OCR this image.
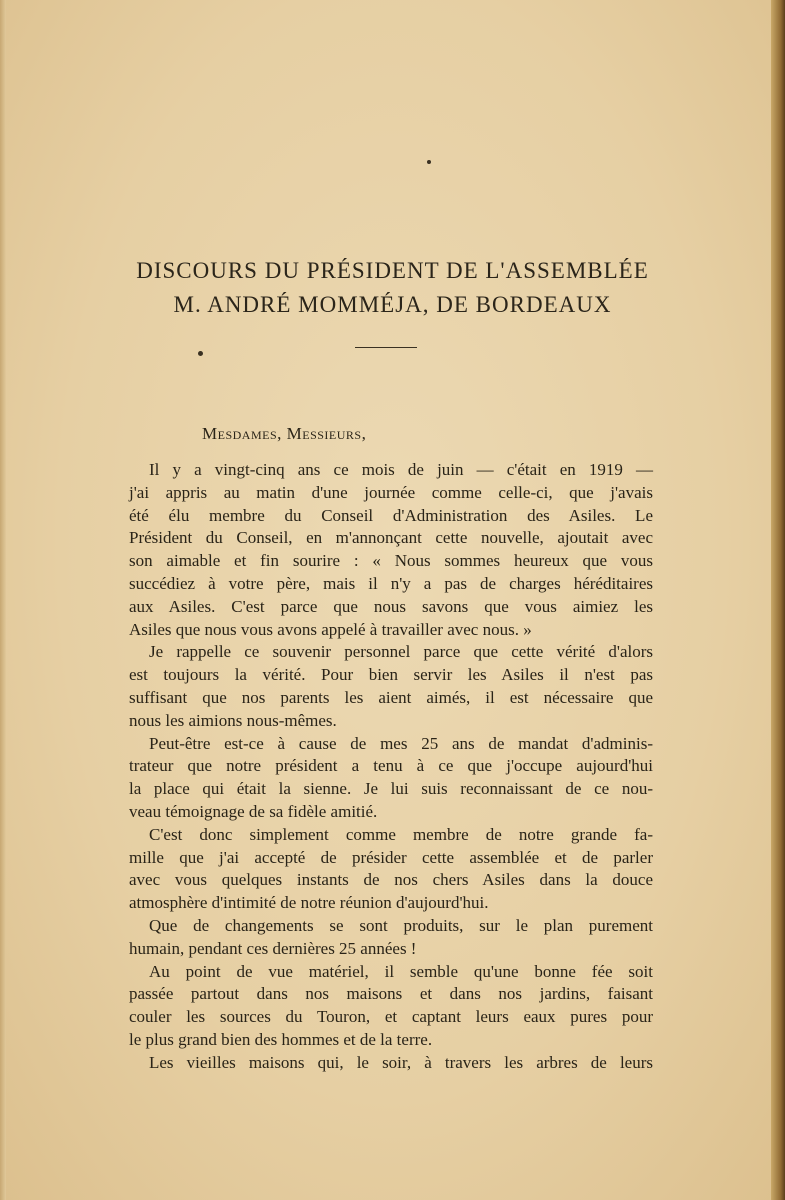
DISCOURS DU PRÉSIDENT DE L'ASSEMBLÉE
M. ANDRÉ MOMMÉJA, DE BORDEAUX
Mesdames, Messieurs,
Il y a vingt-cinq ans ce mois de juin — c'était en 1919 —
j'ai appris au matin d'une journée comme celle-ci, que j'avais
été élu membre du Conseil d'Administration des Asiles. Le
Président du Conseil, en m'annonçant cette nouvelle, ajoutait avec
son aimable et fin sourire : « Nous sommes heureux que vous
succédiez à votre père, mais il n'y a pas de charges héréditaires
aux Asiles. C'est parce que nous savons que vous aimiez les
Asiles que nous vous avons appelé à travailler avec nous. »
Je rappelle ce souvenir personnel parce que cette vérité d'alors
est toujours la vérité. Pour bien servir les Asiles il n'est pas
suffisant que nos parents les aient aimés, il est nécessaire que
nous les aimions nous-mêmes.
Peut-être est-ce à cause de mes 25 ans de mandat d'adminis-
trateur que notre président a tenu à ce que j'occupe aujourd'hui
la place qui était la sienne. Je lui suis reconnaissant de ce nou-
veau témoignage de sa fidèle amitié.
C'est donc simplement comme membre de notre grande fa-
mille que j'ai accepté de présider cette assemblée et de parler
avec vous quelques instants de nos chers Asiles dans la douce
atmosphère d'intimité de notre réunion d'aujourd'hui.
Que de changements se sont produits, sur le plan purement
humain, pendant ces dernières 25 années !
Au point de vue matériel, il semble qu'une bonne fée soit
passée partout dans nos maisons et dans nos jardins, faisant
couler les sources du Touron, et captant leurs eaux pures pour
le plus grand bien des hommes et de la terre.
Les vieilles maisons qui, le soir, à travers les arbres de leurs
